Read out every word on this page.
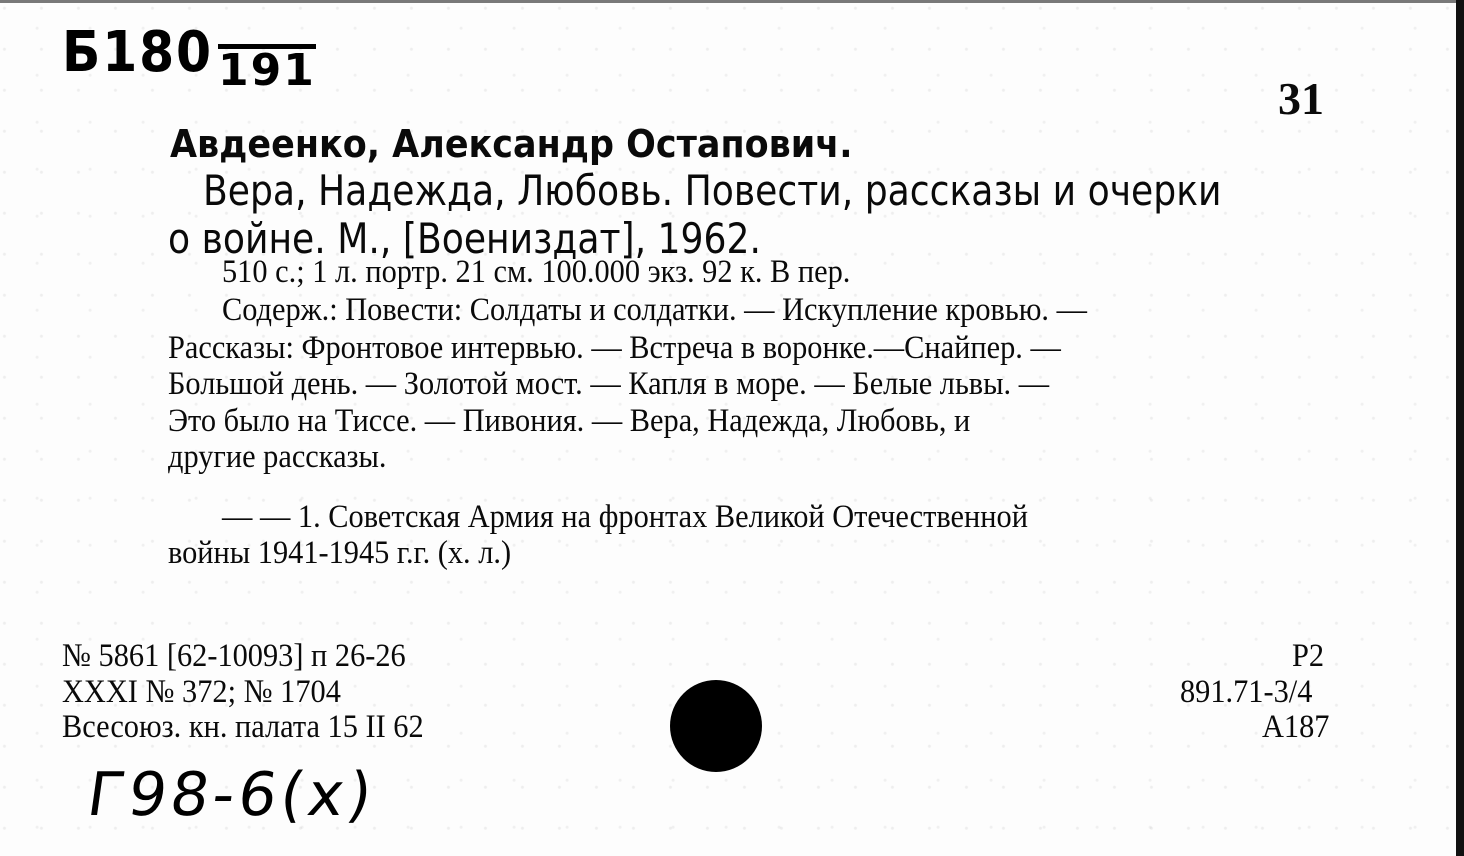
Б180 191
31
Авдеенко, Александр Остапович.
Вера, Надежда, Любовь. Повести, рассказы и очерки
о войне. М., [Воениздат], 1962.
510 с.; 1 л. портр. 21 см. 100.000 экз. 92 к. В пер.
Содерж.: Повести: Солдаты и солдатки. — Искупление кровью. —
Рассказы: Фронтовое интервью. — Встреча в воронке.—Снайпер. —
Большой день. — Золотой мост. — Капля в море. — Белые львы. —
Это было на Тиссе. — Пивония. — Вера, Надежда, Любовь, и
другие рассказы.
— — 1. Советская Армия на фронтах Великой Отечественной
войны 1941-1945 г.г. (х. л.)
№ 5861 [62-10093] п 26-26
XXXI № 372; № 1704
Всесоюз. кн. палата 15 II 62
Р2
891.71-3/4
А187
Г98-6(х)
